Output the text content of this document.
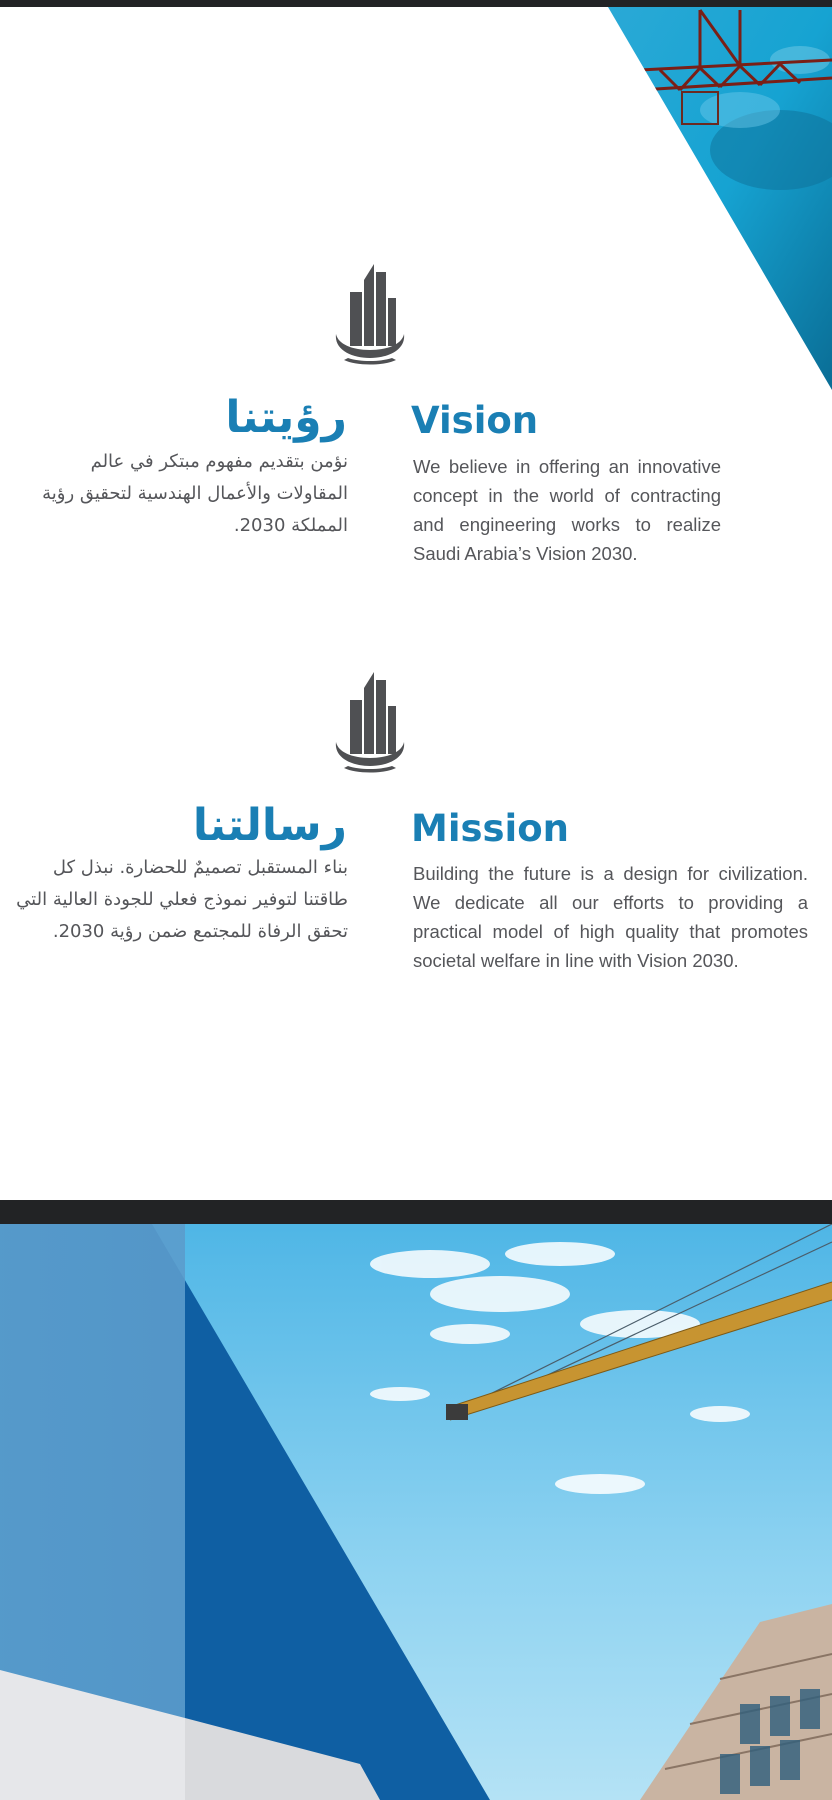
رؤيتنا Vision
نؤمن بتقديم مفهوم مبتكر في عالم المقاولات والأعمال الهندسية لتحقيق رؤية المملكة 2030.
We believe in offering an innovative concept in the world of contracting and engineering works to realize Saudi Arabia’s Vision 2030.
رسالتنا Mission
بناء المستقبل تصميمٌ للحضارة. نبذل كل طاقتنا لتوفير نموذج فعلي للجودة العالية التي تحقق الرفاة للمجتمع ضمن رؤية 2030.
Building the future is a design for civilization. We dedicate all our efforts to providing a practical model of high quality that promotes societal welfare in line with Vision 2030.
